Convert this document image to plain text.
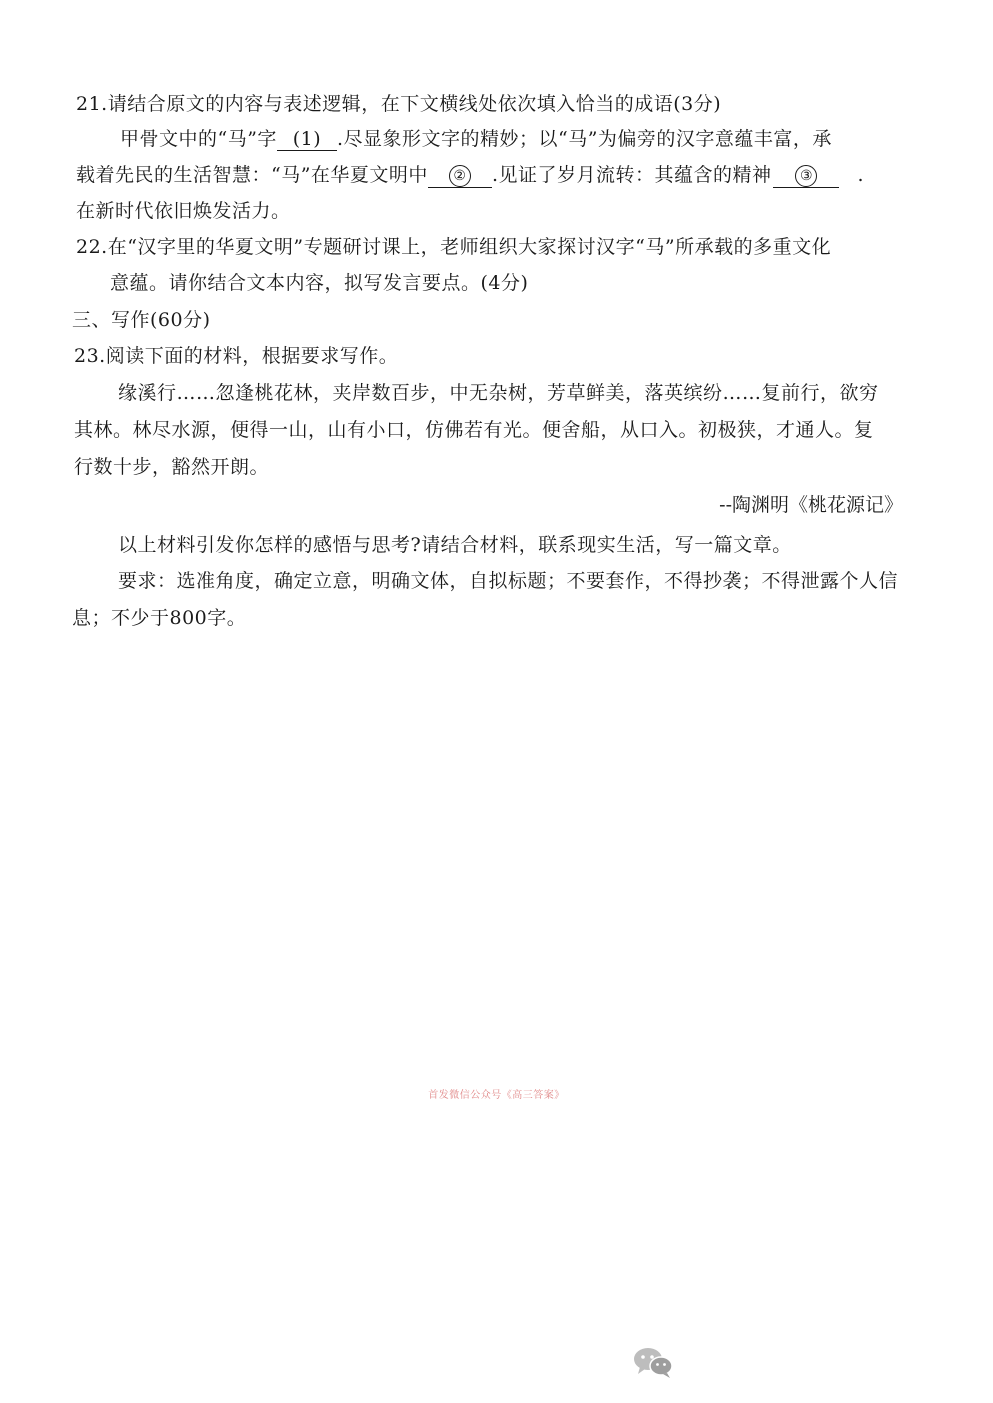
21.请结合原文的内容与表述逻辑，在下文横线处依次填入恰当的成语(3分)
甲骨文中的“马”字 (1) .尽显象形文字的精妙；以“马”为偏旁的汉字意蕴丰富，承
载着先民的生活智慧：“马”在华夏文明中 ② .见证了岁月流转：其蕴含的精神 ③ .
在新时代依旧焕发活力。
22.在“汉字里的华夏文明”专题研讨课上，老师组织大家探讨汉字“马”所承载的多重文化
意蕴。请你结合文本内容，拟写发言要点。(4分)
三、写作(60分)
23.阅读下面的材料，根据要求写作。
缘溪行……忽逢桃花林，夹岸数百步，中无杂树，芳草鲜美，落英缤纷……复前行，欲穷
其林。林尽水源，便得一山，山有小口，仿佛若有光。便舍船，从口入。初极狭，才通人。复
行数十步，豁然开朗。
--陶渊明《桃花源记》
以上材料引发你怎样的感悟与思考?请结合材料，联系现实生活，写一篇文章。
要求：选准角度，确定立意，明确文体，自拟标题；不要套作，不得抄袭；不得泄露个人信
息；不少于800字。
首发微信公众号《高三答案》
